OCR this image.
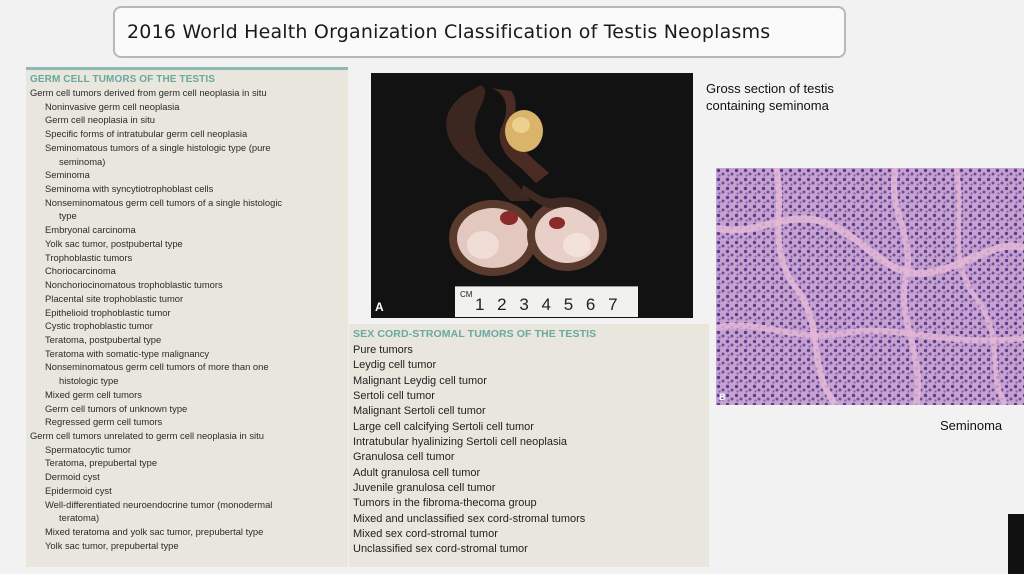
2016 World Health Organization Classification of Testis Neoplasms
GERM CELL TUMORS OF THE TESTIS
Germ cell tumors derived from germ cell neoplasia in situ
Noninvasive germ cell neoplasia
Germ cell neoplasia in situ
Specific forms of intratubular germ cell neoplasia
Seminomatous tumors of a single histologic type (pure
seminoma)
Seminoma
Seminoma with syncytiotrophoblast cells
Nonseminomatous germ cell tumors of a single histologic
type
Embryonal carcinoma
Yolk sac tumor, postpubertal type
Trophoblastic tumors
Choriocarcinoma
Nonchoriocinomatous trophoblastic tumors
Placental site trophoblastic tumor
Epithelioid trophoblastic tumor
Cystic trophoblastic tumor
Teratoma, postpubertal type
Teratoma with somatic-type malignancy
Nonseminomatous germ cell tumors of more than one
histologic type
Mixed germ cell tumors
Germ cell tumors of unknown type
Regressed germ cell tumors
Germ cell tumors unrelated to germ cell neoplasia in situ
Spermatocytic tumor
Teratoma, prepubertal type
Dermoid cyst
Epidermoid cyst
Well-differentiated neuroendocrine tumor (monodermal
teratoma)
Mixed teratoma and yolk sac tumor, prepubertal type
Yolk sac tumor, prepubertal type
A
CM
1 2 3 4 5 6 7
Gross section of testis containing seminoma
SEX CORD-STROMAL TUMORS OF THE TESTIS
Pure tumors
Leydig cell tumor
Malignant Leydig cell tumor
Sertoli cell tumor
Malignant Sertoli cell tumor
Large cell calcifying Sertoli cell tumor
Intratubular hyalinizing Sertoli cell neoplasia
Granulosa cell tumor
Adult granulosa cell tumor
Juvenile granulosa cell tumor
Tumors in the fibroma-thecoma group
Mixed and unclassified sex cord-stromal tumors
Mixed sex cord-stromal tumor
Unclassified sex cord-stromal tumor
B
Seminoma
